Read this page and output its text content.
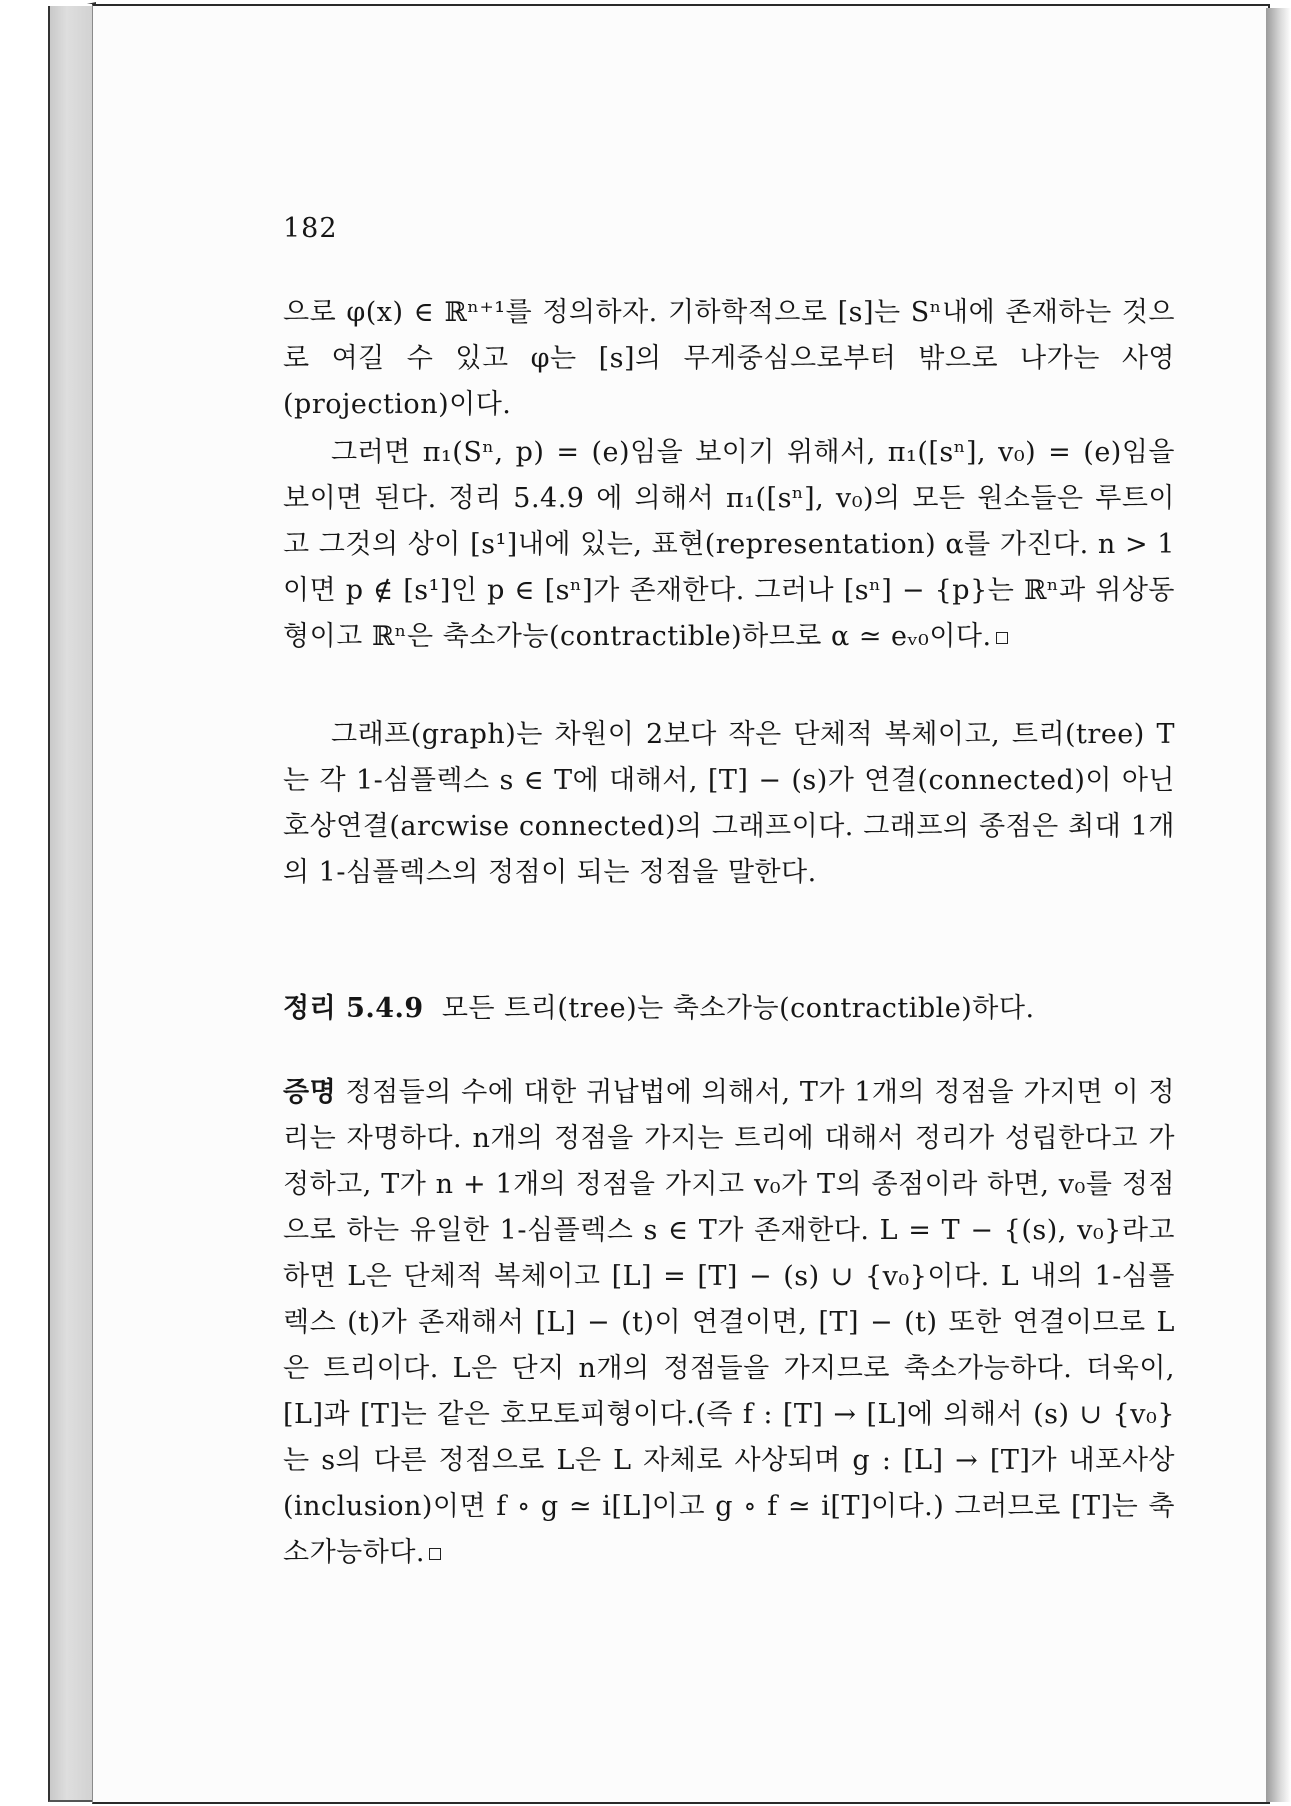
182

으로 φ(x) ∈ ℝⁿ⁺¹를 정의하자. 기하학적으로 [s]는 Sⁿ내에 존재하는 것으로 여길 수 있고 φ는 [s]의 무게중심으로부터 밖으로 나가는 사영(projection)이다.

그러면 π₁(Sⁿ, p) = (e)임을 보이기 위해서, π₁([sⁿ], v₀) = (e)임을 보이면 된다. 정리 5.4.9 에 의해서 π₁([sⁿ], v₀)의 모든 원소들은 루트이고 그것의 상이 [s¹]내에 있는, 표현(representation) α를 가진다. n > 1이면 p ∉ [s¹]인 p ∈ [sⁿ]가 존재한다. 그러나 [sⁿ] − {p}는 ℝⁿ과 위상동형이고 ℝⁿ은 축소가능(contractible)하므로 α ≃ eᵥ₀이다.

그래프(graph)는 차원이 2보다 작은 단체적 복체이고, 트리(tree) T는 각 1-심플렉스 s ∈ T에 대해서, [T] − (s)가 연결(connected)이 아닌 호상연결(arcwise connected)의 그래프이다. 그래프의 종점은 최대 1개의 1-심플렉스의 정점이 되는 정점을 말한다.

정리 5.4.9 모든 트리(tree)는 축소가능(contractible)하다.

증명 정점들의 수에 대한 귀납법에 의해서, T가 1개의 정점을 가지면 이 정리는 자명하다. n개의 정점을 가지는 트리에 대해서 정리가 성립한다고 가정하고, T가 n + 1개의 정점을 가지고 v₀가 T의 종점이라 하면, v₀를 정점으로 하는 유일한 1-심플렉스 s ∈ T가 존재한다. L = T − {(s), v₀}라고 하면 L은 단체적 복체이고 [L] = [T] − (s) ∪ {v₀}이다. L 내의 1-심플렉스 (t)가 존재해서 [L] − (t)이 연결이면, [T] − (t) 또한 연결이므로 L은 트리이다. L은 단지 n개의 정점들을 가지므로 축소가능하다. 더욱이, [L]과 [T]는 같은 호모토피형이다.(즉 f : [T] → [L]에 의해서 (s) ∪ {v₀}는 s의 다른 정점으로 L은 L 자체로 사상되며 g : [L] → [T]가 내포사상(inclusion)이면 f ∘ g ≃ i[L]이고 g ∘ f ≃ i[T]이다.) 그러므로 [T]는 축소가능하다.
